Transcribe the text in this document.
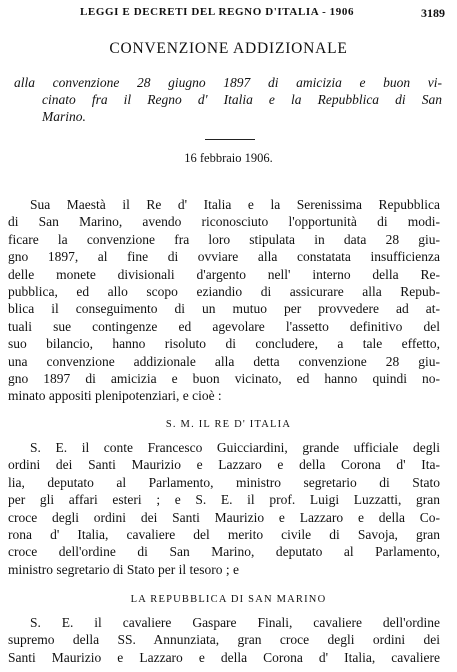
LEGGI E DECRETI DEL REGNO D'ITALIA - 1906	3189
CONVENZIONE ADDIZIONALE
alla convenzione 28 giugno 1897 di amicizia e buon vi-
cinato fra il Regno d' Italia e la Repubblica di San
Marino.
16 febbraio 1906.
Sua Maestà il Re d' Italia e la Serenissima Repubblica
di San Marino, avendo riconosciuto l'opportunità di modi-
ficare la convenzione fra loro stipulata in data 28 giu-
gno 1897, al fine di ovviare alla constatata insufficienza
delle monete divisionali d'argento nell' interno della Re-
pubblica, ed allo scopo eziandio di assicurare alla Repub-
blica il conseguimento di un mutuo per provvedere ad at-
tuali sue contingenze ed agevolare l'assetto definitivo del
suo bilancio, hanno risoluto di concludere, a tale effetto,
una convenzione addizionale alla detta convenzione 28 giu-
gno 1897 di amicizia e buon vicinato, ed hanno quindi no-
minato appositi plenipotenziari, e cioè :
S. M. IL RE D' ITALIA
S. E. il conte Francesco Guicciardini, grande ufficiale degli
ordini dei Santi Maurizio e Lazzaro e della Corona d' Ita-
lia, deputato al Parlamento, ministro segretario di Stato
per gli affari esteri ; e S. E. il prof. Luigi Luzzatti, gran
croce degli ordini dei Santi Maurizio e Lazzaro e della Co-
rona d' Italia, cavaliere del merito civile di Savoja, gran
croce dell'ordine di San Marino, deputato al Parlamento,
ministro segretario di Stato per il tesoro ; e
LA REPUBBLICA DI SAN MARINO
S. E. il cavaliere Gaspare Finali, cavaliere dell'ordine
supremo della SS. Annunziata, gran croce degli ordini dei
Santi Maurizio e Lazzaro e della Corona d' Italia, cavaliere
